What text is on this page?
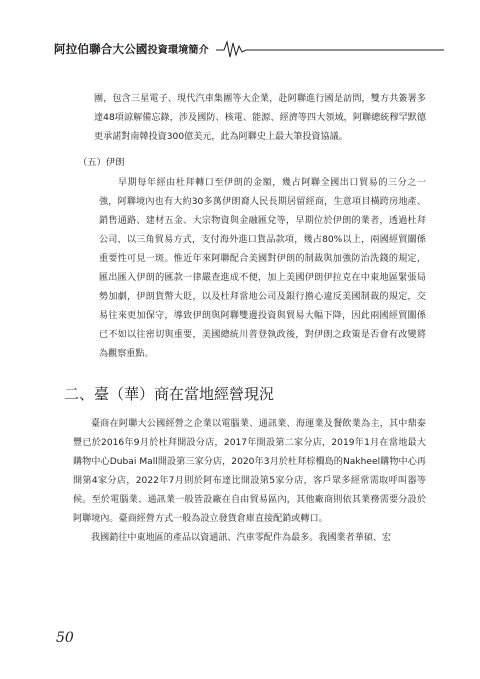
阿拉伯聯合大公國投資環境簡介

團，包含三星電子、現代汽車集團等大企業，赴阿聯進行國是訪問，雙方共簽署多達48項諒解備忘錄，涉及國防、核電、能源、經濟等四大領域，阿聯總統穆罕默德更承諾對南韓投資300億美元，此為阿聯史上最大筆投資協議。

（五）伊朗

早期每年經由杜拜轉口至伊朗的金額，幾占阿聯全國出口貿易的三分之一強，阿聯境內也有大約30多萬伊朗裔人民長期居留經商，生意項目橫跨房地產、銷售通路、建材五金、大宗物資與金融匯兌等，早期位於伊朗的業者，透過杜拜公司，以三角貿易方式，支付海外進口貨品款項，幾占80%以上，兩國經貿關係重要性可見一斑。惟近年來阿聯配合美國對伊朗的制裁與加強防治洗錢的規定，匯出匯入伊朗的匯款一律嚴查進成不便，加上美國伊朗伊拉克在中東地區緊張局勢加劇，伊朗貨幣大貶，以及杜拜當地公司及銀行擔心違反美國制裁的規定，交易往來更加保守，導致伊朗與阿聯雙邊投資與貿易大幅下降，因此兩國經貿關係已不如以往密切與重要，美國總統川普登執政後，對伊朗之政策是否會有改變將為觀察重點。

二、臺（華）商在當地經營現況

臺商在阿聯大公國經營之企業以電腦業、通訊業、海運業及餐飲業為主，其中鼎泰豐已於2016年9月於杜拜開設分店，2017年開設第二家分店，2019年1月在當地最大購物中心Dubai Mall開設第三家分店，2020年3月於杜拜棕櫚島的Nakheel購物中心再開第4家分店，2022年7月則於阿布達比開設第5家分店，客戶眾多經常需取呼叫器等候。至於電腦業、通訊業一般皆設廠在自由貿易區內，其他廠商則依其業務需要分設於阿聯境內。臺商經營方式一般為設立發貨倉庫直接配銷或轉口。

我國銷往中東地區的產品以資通訊、汽車零配件為最多。我國業者華碩、宏

50
